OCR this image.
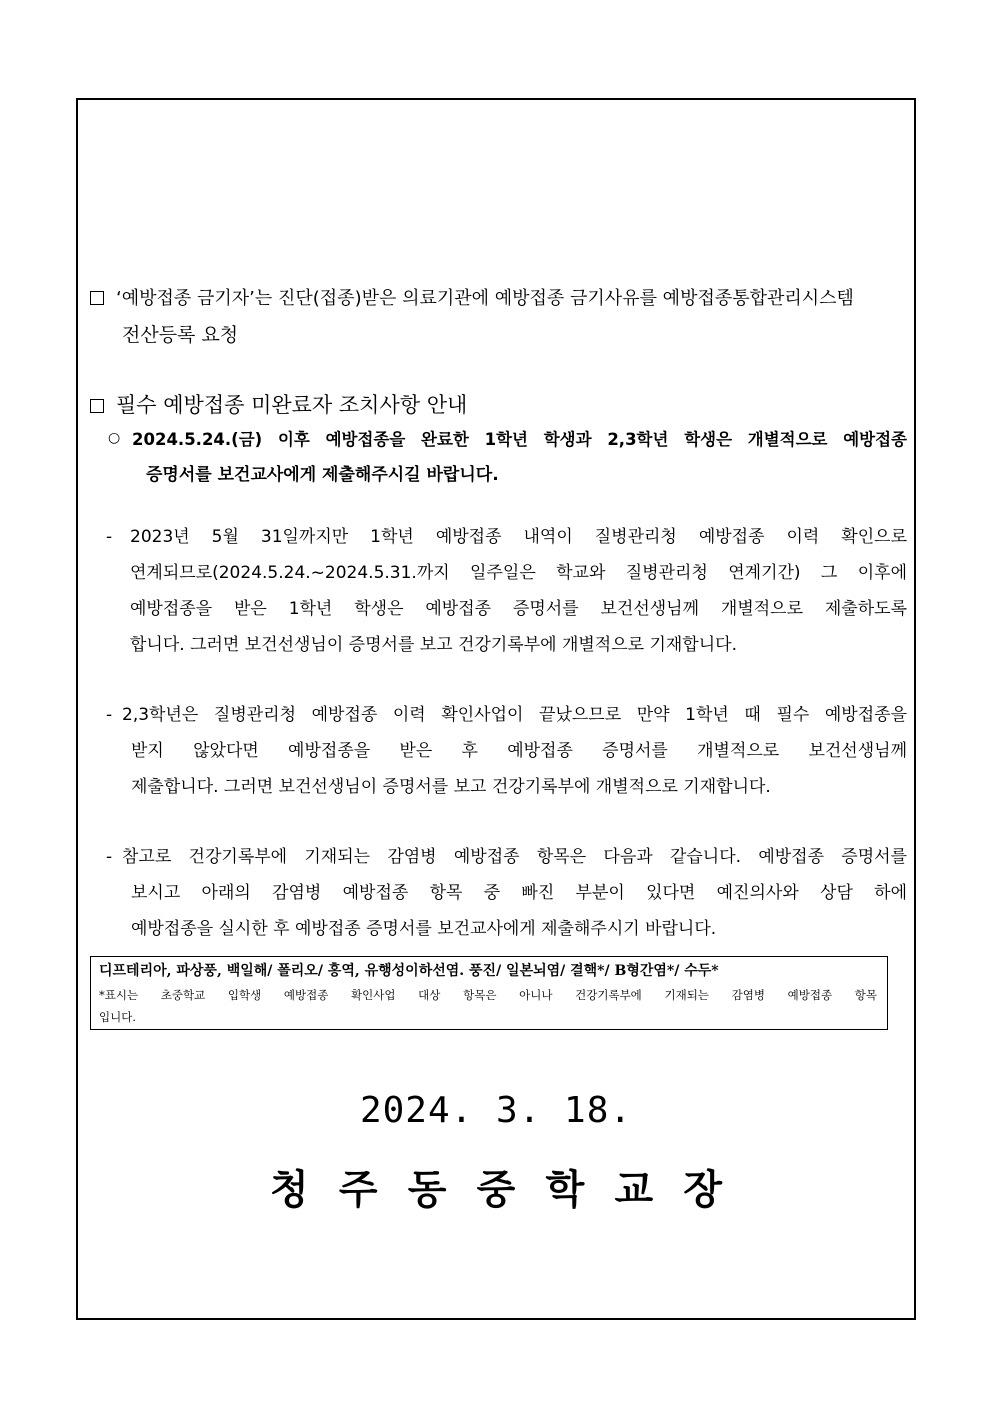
‘예방접종 금기자’는 진단(접종)받은 의료기관에 예방접종 금기사유를 예방접종통합관리시스템
전산등록 요청
필수 예방접종 미완료자 조치사항 안내
○ 2024.5.24.(금) 이후 예방접종을 완료한 1학년 학생과 2,3학년 학생은 개별적으로 예방접종
증명서를 보건교사에게 제출해주시길 바랍니다.
- 2023년 5월 31일까지만 1학년 예방접종 내역이 질병관리청 예방접종 이력 확인으로
연계되므로(2024.5.24.~2024.5.31.까지 일주일은 학교와 질병관리청 연계기간) 그 이후에
예방접종을 받은 1학년 학생은 예방접종 증명서를 보건선생님께 개별적으로 제출하도록
합니다. 그러면 보건선생님이 증명서를 보고 건강기록부에 개별적으로 기재합니다.
- 2,3학년은 질병관리청 예방접종 이력 확인사업이 끝났으므로 만약 1학년 때 필수 예방접종을
받지 않았다면 예방접종을 받은 후 예방접종 증명서를 개별적으로 보건선생님께
제출합니다. 그러면 보건선생님이 증명서를 보고 건강기록부에 개별적으로 기재합니다.
- 참고로 건강기록부에 기재되는 감염병 예방접종 항목은 다음과 같습니다. 예방접종 증명서를
보시고 아래의 감염병 예방접종 항목 중 빠진 부분이 있다면 예진의사와 상담 하에
예방접종을 실시한 후 예방접종 증명서를 보건교사에게 제출해주시기 바랍니다.
디프테리아, 파상풍, 백일해/ 폴리오/ 홍역, 유행성이하선염. 풍진/ 일본뇌염/ 결핵*/ B형간염*/ 수두*
*표시는 초중학교 입학생 예방접종 확인사업 대상 항목은 아니나 건강기록부에 기재되는 감염병 예방접종 항목
입니다.
2024. 3. 18.
청 주 동 중 학 교 장
